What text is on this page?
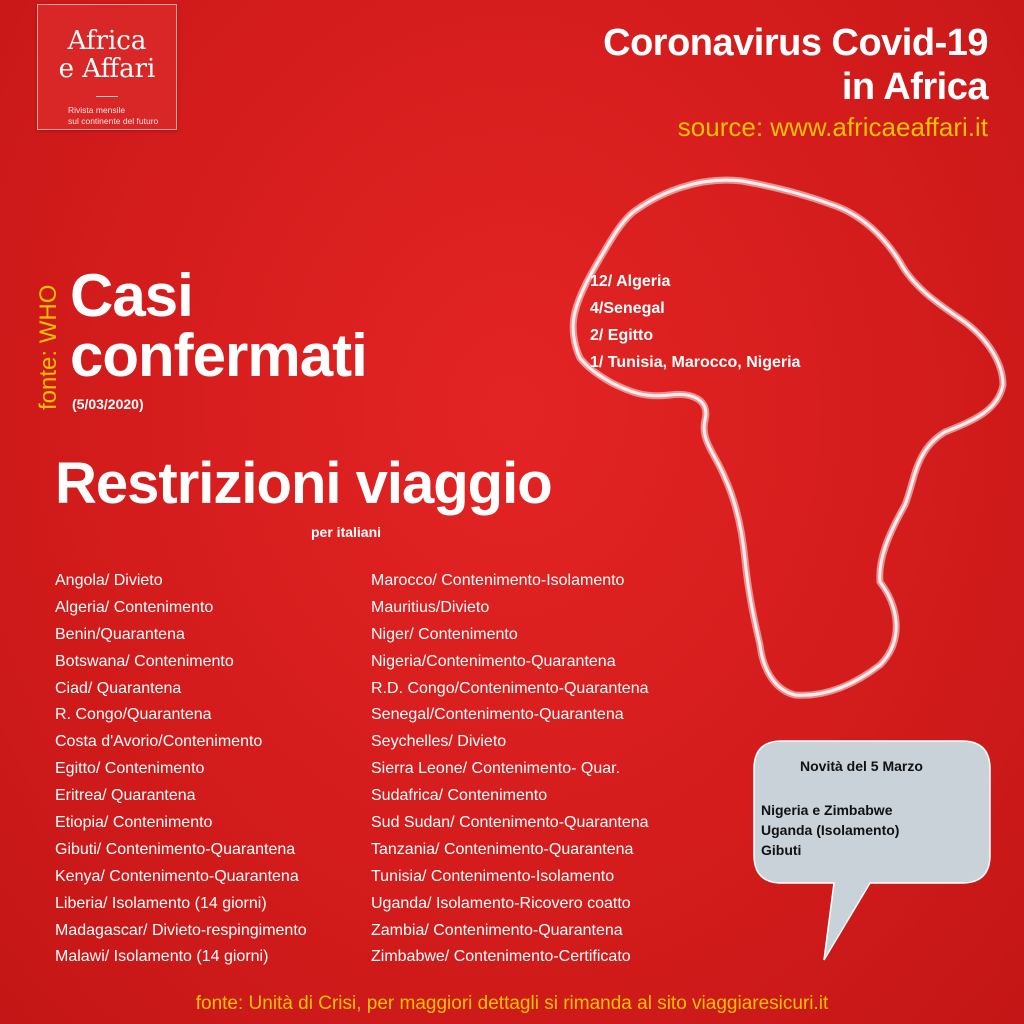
Africa
e Affari
Rivista mensile
sul continente del futuro
Coronavirus Covid-19
in Africa
source: www.africaeaffari.it
fonte: WHO Casi
confermati
(5/03/2020)
12/ Algeria
4/Senegal
2/ Egitto
1/ Tunisia, Marocco, Nigeria
Restrizioni viaggio
per italiani
Angola/ Divieto
Algeria/ Contenimento
Benin/Quarantena
Botswana/ Contenimento
Ciad/ Quarantena
R. Congo/Quarantena
Costa d'Avorio/Contenimento
Egitto/ Contenimento
Eritrea/ Quarantena
Etiopia/ Contenimento
Gibuti/ Contenimento-Quarantena
Kenya/ Contenimento-Quarantena
Liberia/ Isolamento (14 giorni)
Madagascar/ Divieto-respingimento
Malawi/ Isolamento (14 giorni)
Marocco/ Contenimento-Isolamento
Mauritius/Divieto
Niger/ Contenimento
Nigeria/Contenimento-Quarantena
R.D. Congo/Contenimento-Quarantena
Senegal/Contenimento-Quarantena
Seychelles/ Divieto
Sierra Leone/ Contenimento- Quar.
Sudafrica/ Contenimento
Sud Sudan/ Contenimento-Quarantena
Tanzania/ Contenimento-Quarantena
Tunisia/ Contenimento-Isolamento
Uganda/ Isolamento-Ricovero coatto
Zambia/ Contenimento-Quarantena
Zimbabwe/ Contenimento-Certificato
Novità del 5 Marzo
Nigeria e Zimbabwe
Uganda (Isolamento)
Gibuti
fonte: Unità di Crisi, per maggiori dettagli si rimanda al sito viaggiaresicuri.it
